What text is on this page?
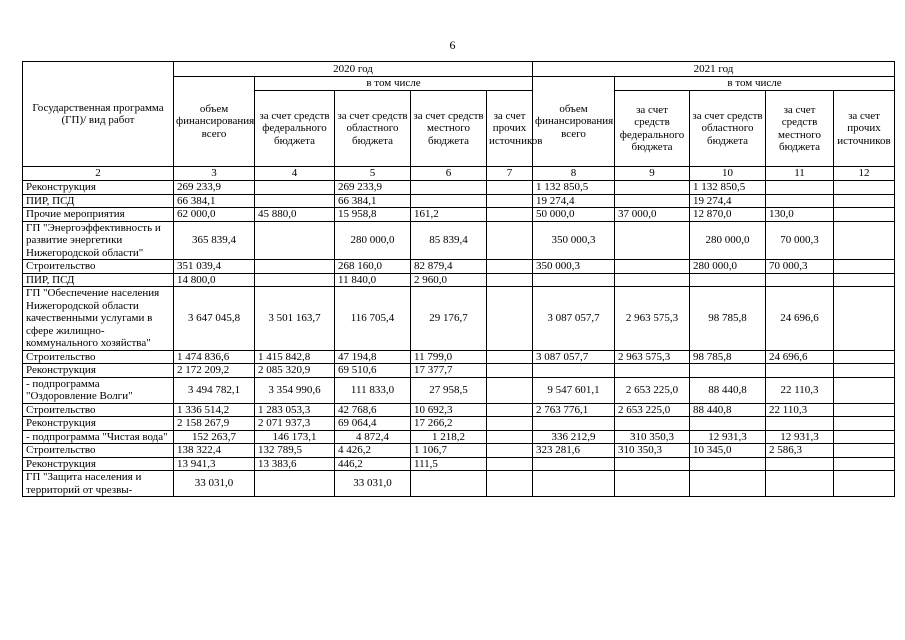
6
Государственная программа (ГП)/ вид работ	2020 год					2021 год				
	объем финансирования всего	в том числе				объем финансирования всего	в том числе			
		за счет средств федерального бюджета	за счет средств областного бюджета	за счет средств местного бюджета	за счет прочих источников		за счет средств федерального бюджета	за счет средств областного бюджета	за счет средств местного бюджета	за счет прочих источников
2	3	4	5	6	7	8	9	10	11	12
Реконструкция	269 233,9		269 233,9			1 132 850,5		1 132 850,5		
ПИР, ПСД	66 384,1		66 384,1			19 274,4		19 274,4		
Прочие мероприятия	62 000,0	45 880,0	15 958,8	161,2		50 000,0	37 000,0	12 870,0	130,0	
ГП "Энергоэффективность и развитие энергетики Нижегородской области"	365 839,4		280 000,0	85 839,4		350 000,3		280 000,0	70 000,3	
Строительство	351 039,4		268 160,0	82 879,4		350 000,3		280 000,0	70 000,3	
ПИР, ПСД	14 800,0		11 840,0	2 960,0						
ГП "Обеспечение населения Нижегородской области качественными услугами в сфере жилищно-коммунального хозяйства"	3 647 045,8	3 501 163,7	116 705,4	29 176,7		3 087 057,7	2 963 575,3	98 785,8	24 696,6	
Строительство	1 474 836,6	1 415 842,8	47 194,8	11 799,0		3 087 057,7	2 963 575,3	98 785,8	24 696,6	
Реконструкция	2 172 209,2	2 085 320,9	69 510,6	17 377,7						
- подпрограмма "Оздоровление Волги"	3 494 782,1	3 354 990,6	111 833,0	27 958,5		9 547 601,1	2 653 225,0	88 440,8	22 110,3	
Строительство	1 336 514,2	1 283 053,3	42 768,6	10 692,3		2 763 776,1	2 653 225,0	88 440,8	22 110,3	
Реконструкция	2 158 267,9	2 071 937,3	69 064,4	17 266,2						
- подпрограмма "Чистая вода"	152 263,7	146 173,1	4 872,4	1 218,2		336 212,9	310 350,3	12 931,3	12 931,3	
Строительство	138 322,4	132 789,5	4 426,2	1 106,7		323 281,6	310 350,3	10 345,0	2 586,3	
Реконструкция	13 941,3	13 383,6	446,2	111,5						
ГП "Защита населения и территорий от чрезвы-	33 031,0		33 031,0							
